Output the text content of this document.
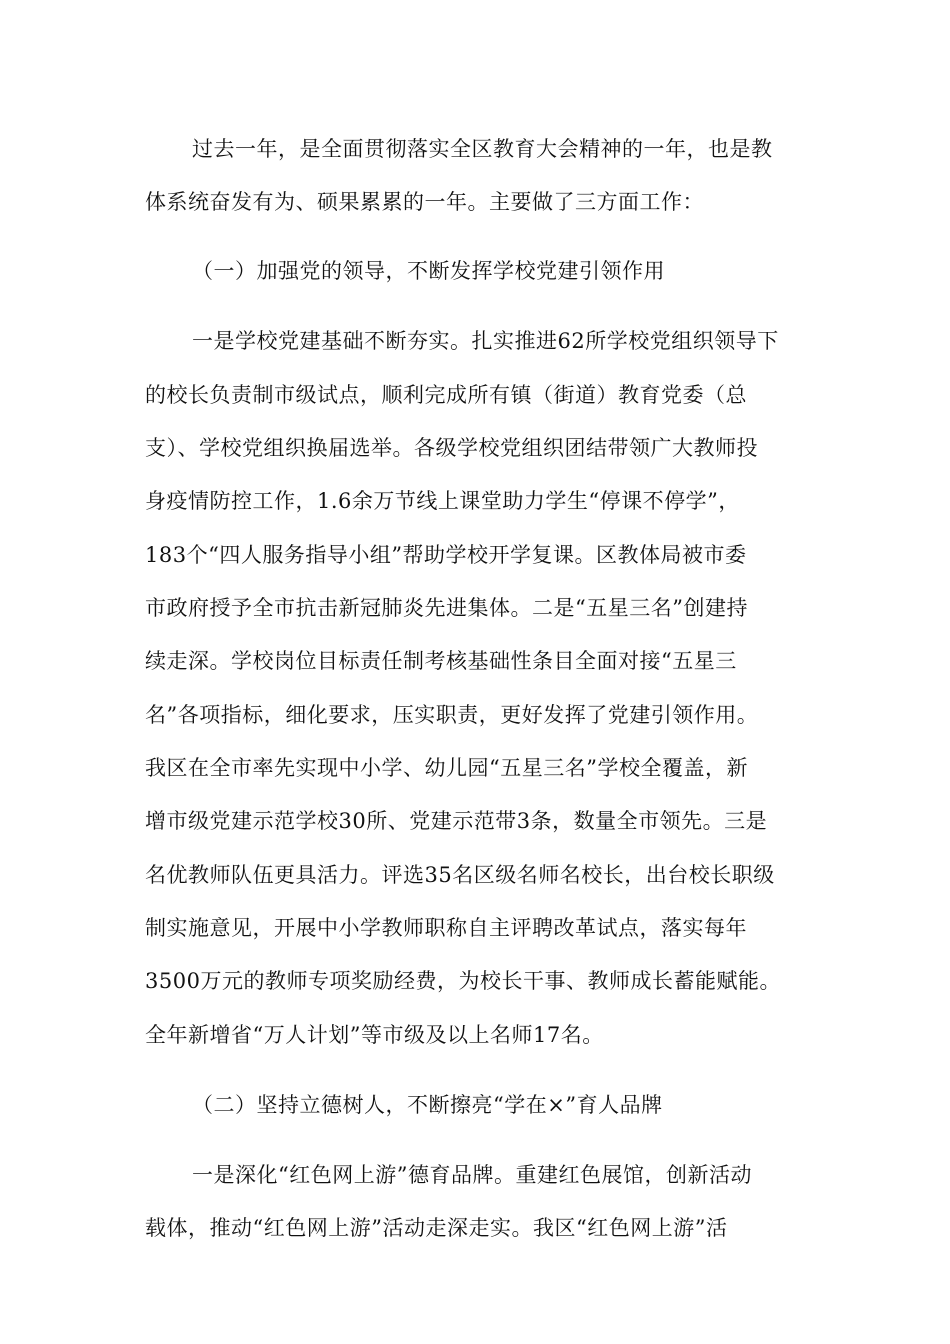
过去一年，是全面贯彻落实全区教育大会精神的一年，也是教
体系统奋发有为、硕果累累的一年。主要做了三方面工作：
（一）加强党的领导，不断发挥学校党建引领作用
一是学校党建基础不断夯实。扎实推进62所学校党组织领导下
的校长负责制市级试点，顺利完成所有镇（街道）教育党委（总
支）、学校党组织换届选举。各级学校党组织团结带领广大教师投
身疫情防控工作，1.6余万节线上课堂助力学生“停课不停学”，
183个“四人服务指导小组”帮助学校开学复课。区教体局被市委
市政府授予全市抗击新冠肺炎先进集体。二是“五星三名”创建持
续走深。学校岗位目标责任制考核基础性条目全面对接“五星三
名”各项指标，细化要求，压实职责，更好发挥了党建引领作用。
我区在全市率先实现中小学、幼儿园“五星三名”学校全覆盖，新
增市级党建示范学校30所、党建示范带3条，数量全市领先。三是
名优教师队伍更具活力。评选35名区级名师名校长，出台校长职级
制实施意见，开展中小学教师职称自主评聘改革试点，落实每年
3500万元的教师专项奖励经费，为校长干事、教师成长蓄能赋能。
全年新增省“万人计划”等市级及以上名师17名。
（二）坚持立德树人，不断擦亮“学在×”育人品牌
一是深化“红色网上游”德育品牌。重建红色展馆，创新活动
载体，推动“红色网上游”活动走深走实。我区“红色网上游”活
